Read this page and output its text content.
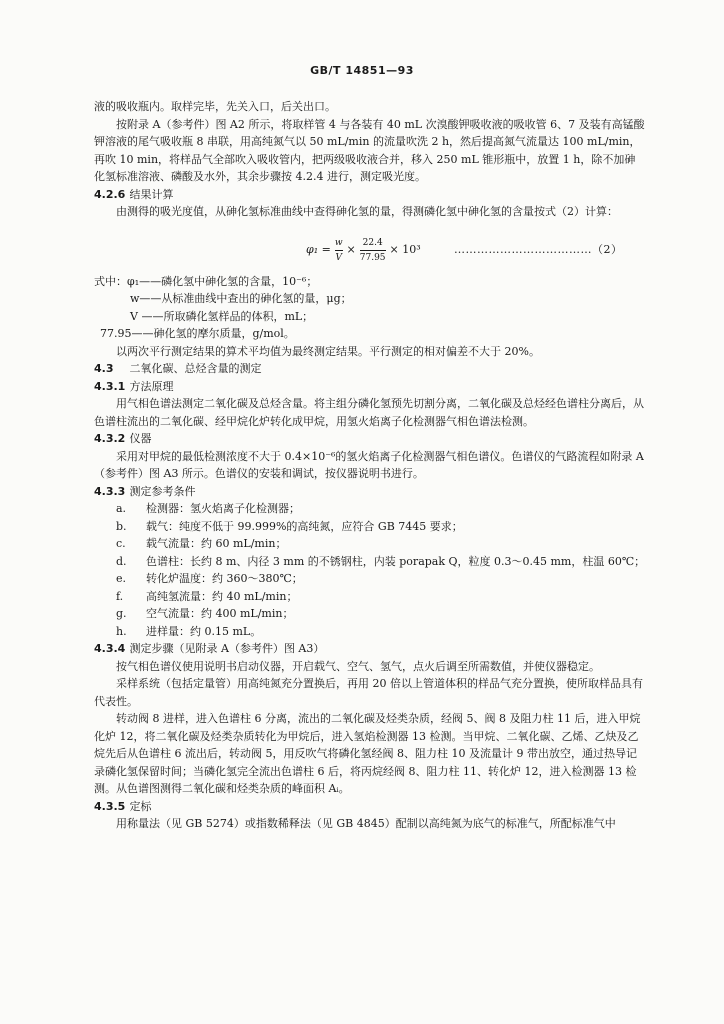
GB/T 14851—93

液的吸收瓶内。取样完毕，先关入口，后关出口。

按附录 A（参考件）图 A2 所示，将取样管 4 与各装有 40 mL 次溴酸钾吸收液的吸收管 6、7 及装有高锰酸钾溶液的尾气吸收瓶 8 串联，用高纯氮气以 50 mL/min 的流量吹洗 2 h，然后提高氮气流量达 100 mL/min，再吹 10 min，将样品气全部吹入吸收管内，把两级吸收液合并，移入 250 mL 锥形瓶中，放置 1 h，除不加砷化氢标准溶液、磷酸及水外，其余步骤按 4.2.4 进行，测定吸光度。

4.2.6 结果计算

由测得的吸光度值，从砷化氢标准曲线中查得砷化氢的量，得测磷化氢中砷化氢的含量按式（2）计算：

$\varphi_1 = \frac{w}{V} \times \frac{22.4}{77.95} \times 10^3$	………………………………（2）

式中：φ₁——磷化氢中砷化氢的含量，10⁻⁶；

w——从标准曲线中查出的砷化氢的量，μg；

V ——所取磷化氢样品的体积，mL；

77.95——砷化氢的摩尔质量，g/mol。

以两次平行测定结果的算术平均值为最终测定结果。平行测定的相对偏差不大于 20%。

4.3 二氧化碳、总烃含量的测定

4.3.1 方法原理

用气相色谱法测定二氧化碳及总烃含量。将主组分磷化氢预先切割分离，二氧化碳及总烃经色谱柱分离后，从色谱柱流出的二氧化碳、经甲烷化炉转化成甲烷，用氢火焰离子化检测器气相色谱法检测。

4.3.2 仪器

采用对甲烷的最低检测浓度不大于 0.4×10⁻⁶的氢火焰离子化检测器气相色谱仪。色谱仪的气路流程如附录 A（参考件）图 A3 所示。色谱仪的安装和调试，按仪器说明书进行。

4.3.3 测定参考条件

a.	检测器：氢火焰离子化检测器；

b.	载气：纯度不低于 99.999%的高纯氮，应符合 GB 7445 要求；

c.	载气流量：约 60 mL/min；

d.	色谱柱：长约 8 m、内径 3 mm 的不锈钢柱，内装 porapak Q，粒度 0.3～0.45 mm，柱温 60℃；

e.	转化炉温度：约 360～380℃；

f.	高纯氢流量：约 40 mL/min；

g.	空气流量：约 400 mL/min；

h.	进样量：约 0.15 mL。

4.3.4 测定步骤（见附录 A（参考件）图 A3）

按气相色谱仪使用说明书启动仪器，开启载气、空气、氢气，点火后调至所需数值，并使仪器稳定。

采样系统（包括定量管）用高纯氮充分置换后，再用 20 倍以上管道体积的样品气充分置换，使所取样品具有代表性。

转动阀 8 进样，进入色谱柱 6 分离，流出的二氧化碳及烃类杂质，经阀 5、阀 8 及阻力柱 11 后，进入甲烷化炉 12，将二氧化碳及烃类杂质转化为甲烷后，进入氢焰检测器 13 检测。当甲烷、二氧化碳、乙烯、乙炔及乙烷先后从色谱柱 6 流出后，转动阀 5，用反吹气将磷化氢经阀 8、阻力柱 10 及流量计 9 带出放空，通过热导记录磷化氢保留时间；当磷化氢完全流出色谱柱 6 后，将丙烷经阀 8、阻力柱 11、转化炉 12，进入检测器 13 检测。从色谱图测得二氧化碳和烃类杂质的峰面积 Aᵢ。

4.3.5 定标

用称量法（见 GB 5274）或指数稀释法（见 GB 4845）配制以高纯氮为底气的标准气，所配标准气中
